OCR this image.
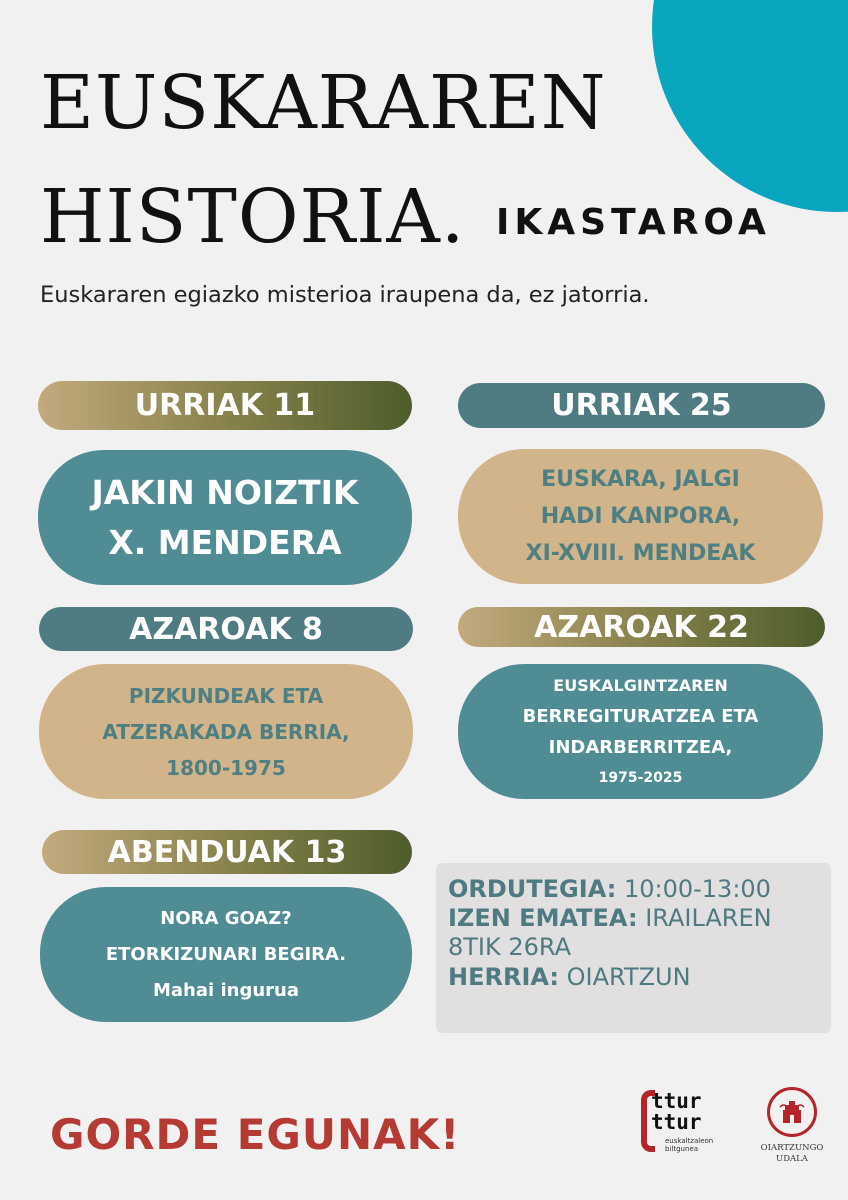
EUSKARAREN
HISTORIA. IKASTAROA
Euskararen egiazko misterioa iraupena da, ez jatorria.
URRIAK 11
JAKIN NOIZTIK
X. MENDERA
URRIAK 25
EUSKARA, JALGI
HADI KANPORA,
XI-XVIII. MENDEAK
AZAROAK 8
PIZKUNDEAK ETA
ATZERAKADA BERRIA,
1800-1975
AZAROAK 22
EUSKALGINTZAREN
BERREGITURATZEA ETA
INDARBERRITZEA,
1975-2025
ABENDUAK 13
NORA GOAZ?
ETORKIZUNARI BEGIRA.
Mahai ingurua
ORDUTEGIA: 10:00-13:00
IZEN EMATEA: IRAILAREN
8TIK 26RA
HERRIA: OIARTZUN
GORDE EGUNAK!
ttur
ttur
euskaltzaleon
biltgunea	OIARTZUNGO
UDALA
